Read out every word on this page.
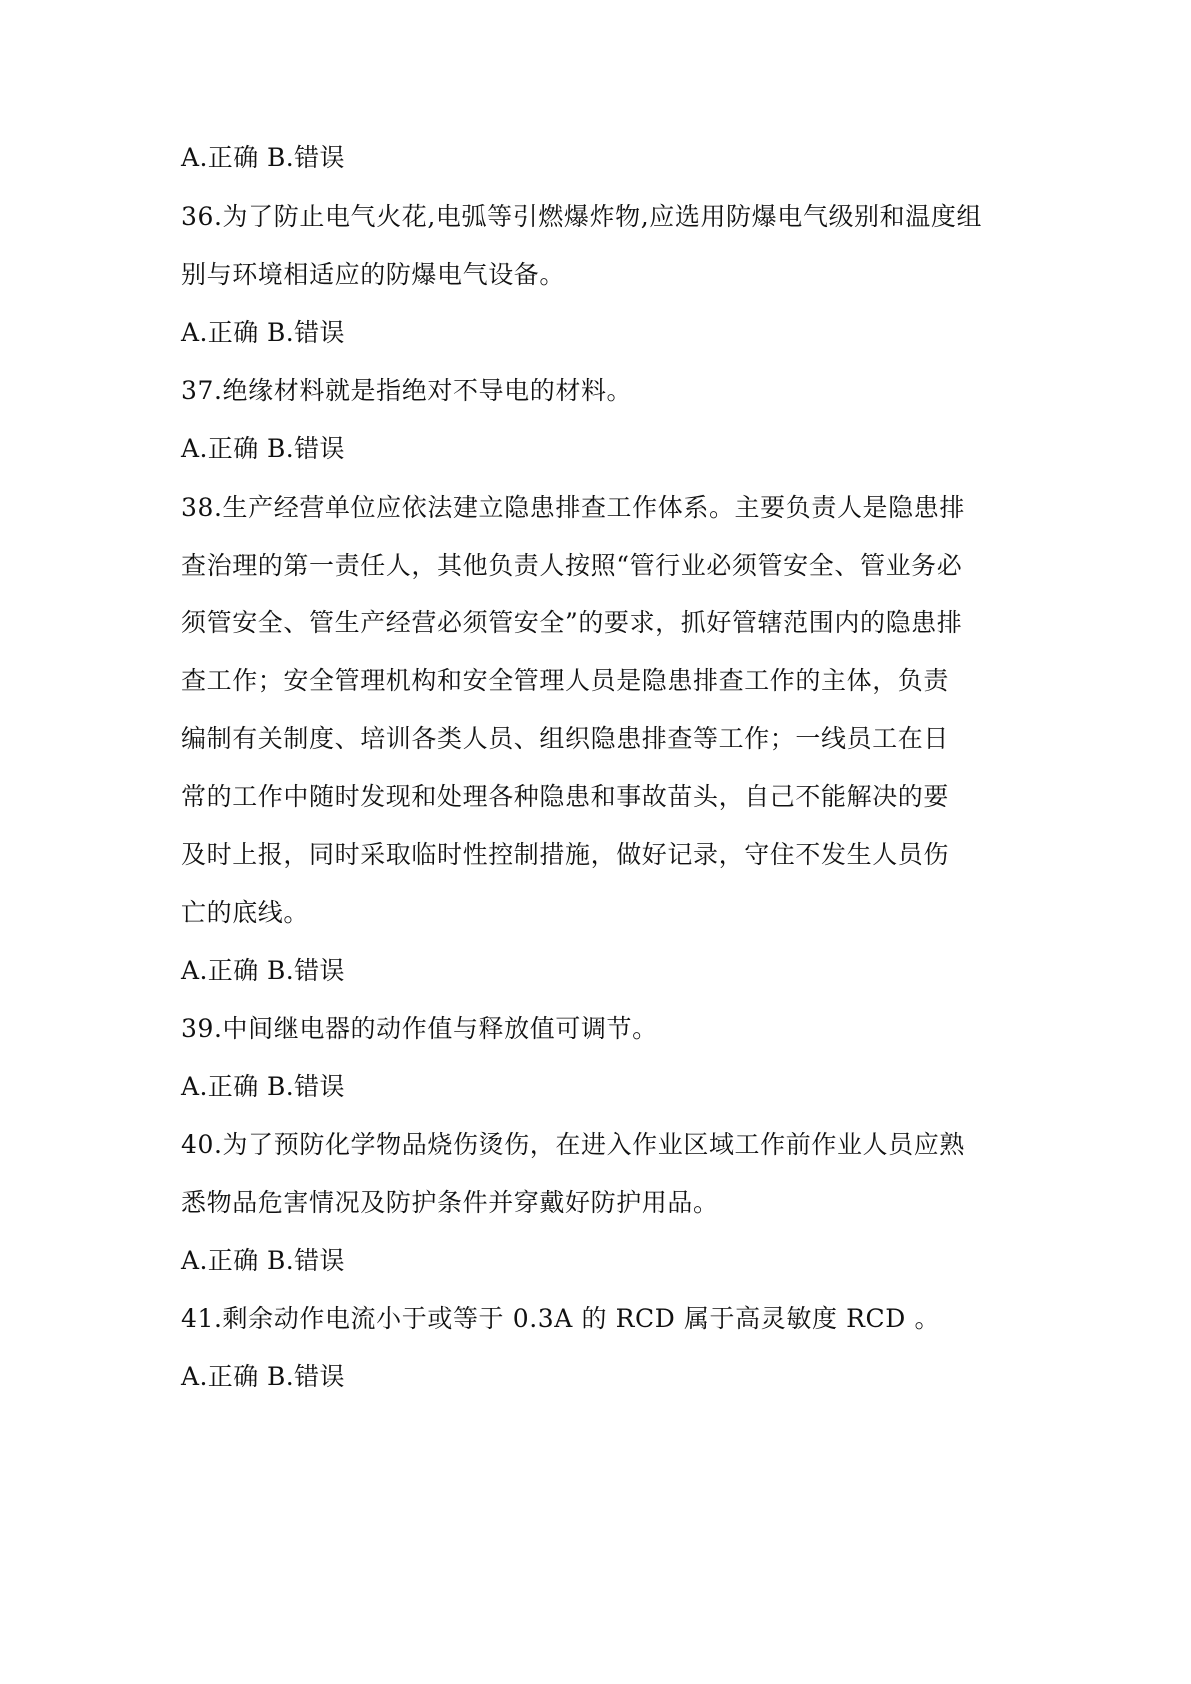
A.正确 B.错误
36.为了防止电气火花,电弧等引燃爆炸物,应选用防爆电气级别和温度组
别与环境相适应的防爆电气设备。
A.正确 B.错误
37.绝缘材料就是指绝对不导电的材料。
A.正确 B.错误
38.生产经营单位应依法建立隐患排查工作体系。主要负责人是隐患排
查治理的第一责任人，其他负责人按照“管行业必须管安全、管业务必
须管安全、管生产经营必须管安全”的要求，抓好管辖范围内的隐患排
查工作；安全管理机构和安全管理人员是隐患排查工作的主体，负责
编制有关制度、培训各类人员、组织隐患排查等工作；一线员工在日
常的工作中随时发现和处理各种隐患和事故苗头，自己不能解决的要
及时上报，同时采取临时性控制措施，做好记录，守住不发生人员伤
亡的底线。
A.正确 B.错误
39.中间继电器的动作值与释放值可调节。
A.正确 B.错误
40.为了预防化学物品烧伤烫伤，在进入作业区域工作前作业人员应熟
悉物品危害情况及防护条件并穿戴好防护用品。
A.正确 B.错误
41.剩余动作电流小于或等于 0.3A 的 RCD 属于高灵敏度 RCD 。
A.正确 B.错误
